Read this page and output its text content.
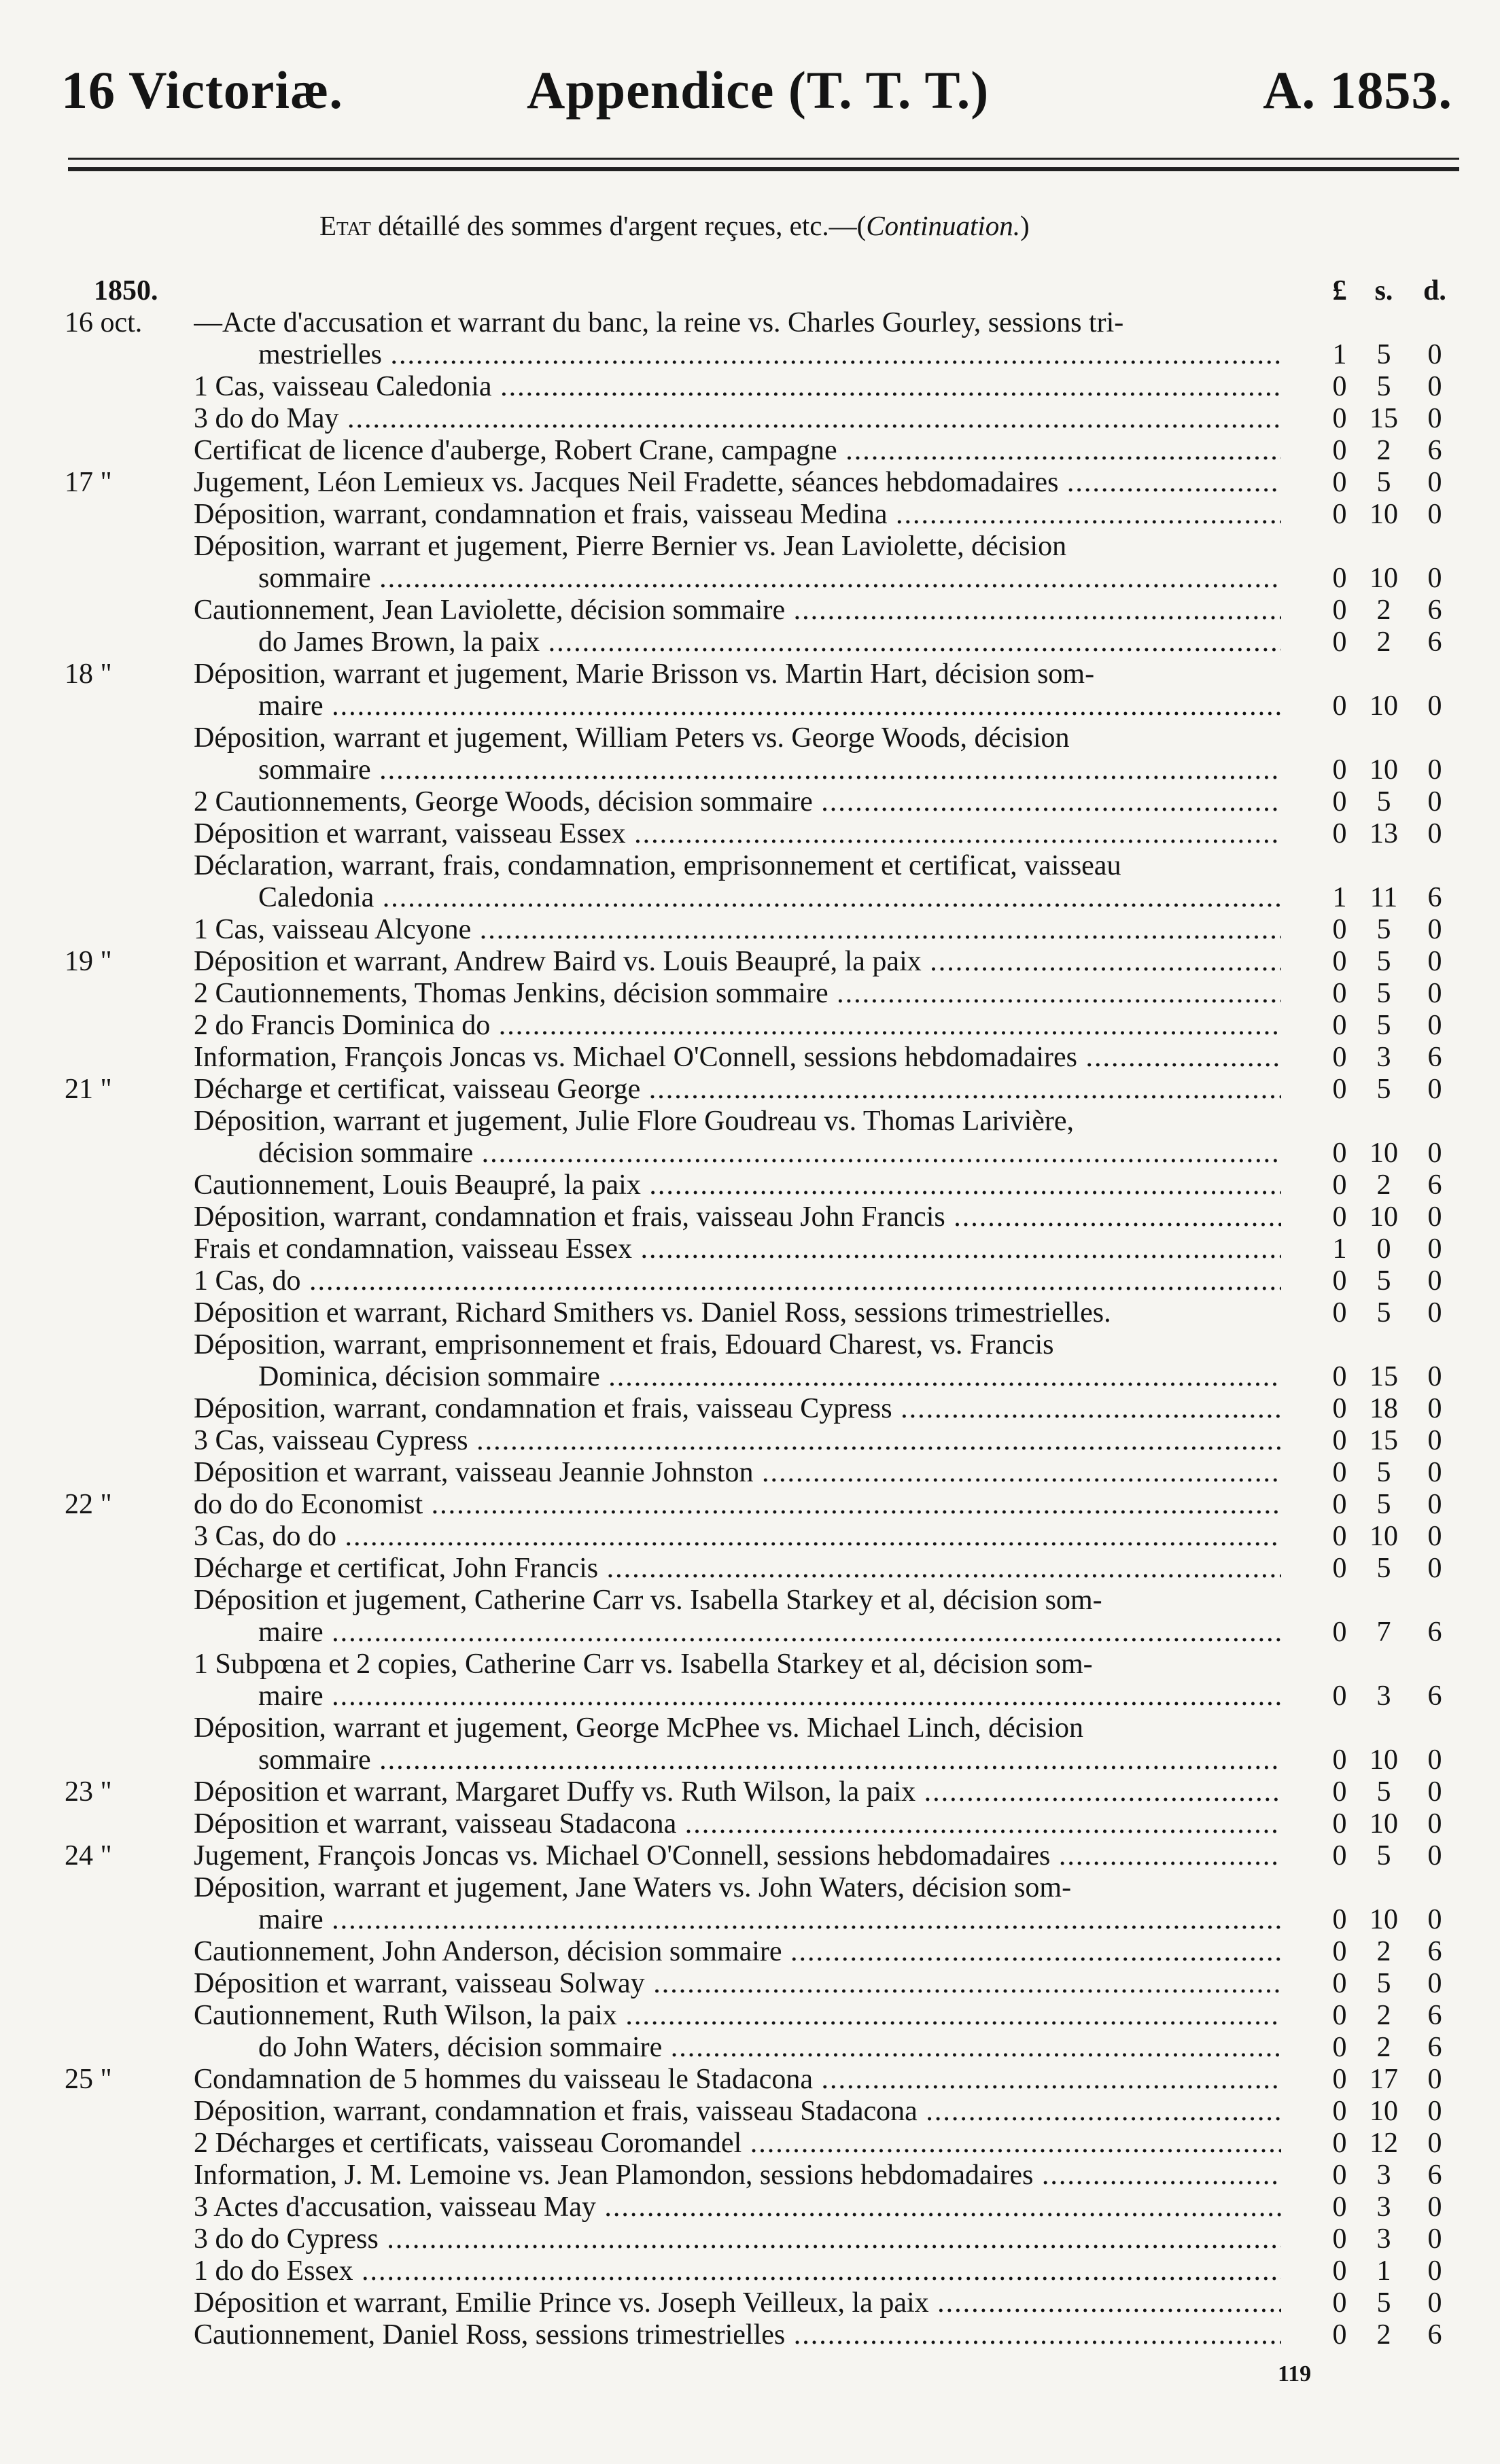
16 Victoriæ.	Appendice (T. T. T.)	A. 1853.
Etat détaillé des sommes d'argent reçues, etc.—(Continuation.)
1850.	£ s. d.
16 oct.	—Acte d'accusation et warrant du banc, la reine vs. Charles Gourley, sessions tri-
mestrielles .....	1	5	0
1 Cas, vaisseau Caledonia .....	0	5	0
3 do do May .....	0 15	0
Certificat de licence d'auberge, Robert Crane, campagne .....	0	2	6
17 "	Jugement, Léon Lemieux vs. Jacques Neil Fradette, séances hebdomadaires .....	0	5	0
Déposition, warrant, condamnation et frais, vaisseau Medina .....	0 10	0
Déposition, warrant et jugement, Pierre Bernier vs. Jean Laviolette, décision
sommaire .....	0 10	0
Cautionnement, Jean Laviolette, décision sommaire .....	0	2	6
do James Brown, la paix .....	0	2	6
18 "	Déposition, warrant et jugement, Marie Brisson vs. Martin Hart, décision som-
maire .....	0 10	0
Déposition, warrant et jugement, William Peters vs. George Woods, décision
sommaire .....	0 10	0
2 Cautionnements, George Woods, décision sommaire .....	0	5	0
Déposition et warrant, vaisseau Essex .....	0 13	0
Déclaration, warrant, frais, condamnation, emprisonnement et certificat, vaisseau
Caledonia .....	1 11	6
1 Cas, vaisseau Alcyone .....	0	5	0
19 "	Déposition et warrant, Andrew Baird vs. Louis Beaupré, la paix .....	0	5	0
2 Cautionnements, Thomas Jenkins, décision sommaire .....	0	5	0
2 do Francis Dominica do .....	0	5	0
Information, François Joncas vs. Michael O'Connell, sessions hebdomadaires .....	0	3	6
21 "	Décharge et certificat, vaisseau George .....	0	5	0
Déposition, warrant et jugement, Julie Flore Goudreau vs. Thomas Larivière,
décision sommaire .....	0 10	0
Cautionnement, Louis Beaupré, la paix .....	0	2	6
Déposition, warrant, condamnation et frais, vaisseau John Francis .....	0 10	0
Frais et condamnation, vaisseau Essex .....	1	0	0
1 Cas, do .....	0	5	0
Déposition et warrant, Richard Smithers vs. Daniel Ross, sessions trimestrielles.	0	5	0
Déposition, warrant, emprisonnement et frais, Edouard Charest, vs. Francis
Dominica, décision sommaire .....	0 15	0
Déposition, warrant, condamnation et frais, vaisseau Cypress .....	0 18	0
3 Cas, vaisseau Cypress .....	0 15	0
Déposition et warrant, vaisseau Jeannie Johnston .....	0	5	0
22 "	do do do Economist .....	0	5	0
3 Cas, do do .....	0 10	0
Décharge et certificat, John Francis .....	0	5	0
Déposition et jugement, Catherine Carr vs. Isabella Starkey et al, décision som-
maire .....	0	7	6
1 Subpœna et 2 copies, Catherine Carr vs. Isabella Starkey et al, décision som-
maire .....	0	3	6
Déposition, warrant et jugement, George McPhee vs. Michael Linch, décision
sommaire .....	0 10	0
23 "	Déposition et warrant, Margaret Duffy vs. Ruth Wilson, la paix .....	0	5	0
Déposition et warrant, vaisseau Stadacona .....	0 10	0
24 "	Jugement, François Joncas vs. Michael O'Connell, sessions hebdomadaires .....	0	5	0
Déposition, warrant et jugement, Jane Waters vs. John Waters, décision som-
maire .....	0 10	0
Cautionnement, John Anderson, décision sommaire .....	0	2	6
Déposition et warrant, vaisseau Solway .....	0	5	0
Cautionnement, Ruth Wilson, la paix .....	0	2	6
do John Waters, décision sommaire .....	0	2	6
25 "	Condamnation de 5 hommes du vaisseau le Stadacona .....	0 17	0
Déposition, warrant, condamnation et frais, vaisseau Stadacona .....	0 10	0
2 Décharges et certificats, vaisseau Coromandel .....	0 12	0
Information, J. M. Lemoine vs. Jean Plamondon, sessions hebdomadaires .....	0	3	6
3 Actes d'accusation, vaisseau May .....	0	3	0
3 do do Cypress .....	0	3	0
1 do do Essex .....	0	1	0
Déposition et warrant, Emilie Prince vs. Joseph Veilleux, la paix .....	0	5	0
Cautionnement, Daniel Ross, sessions trimestrielles .....	0	2	6
119
